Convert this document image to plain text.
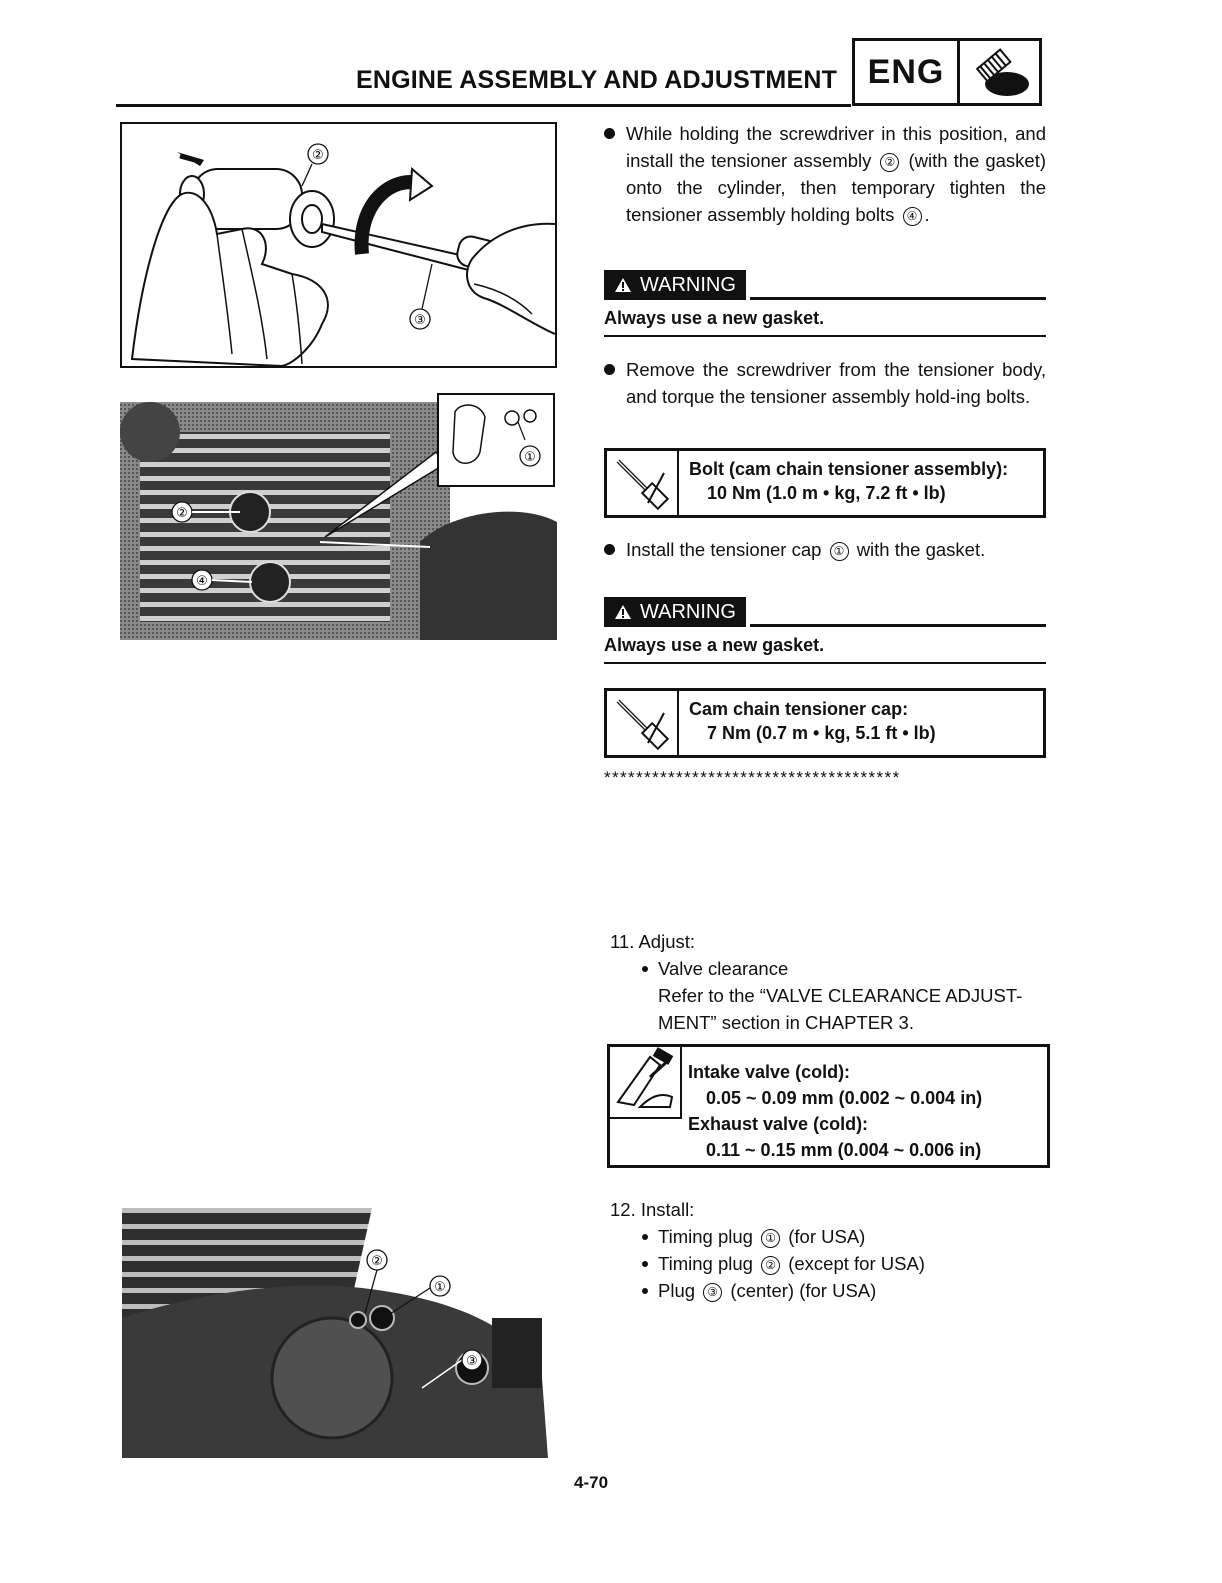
ENGINE ASSEMBLY AND ADJUSTMENT ENG
②
③
①
②
④
While holding the screwdriver in this position, and install the tensioner assembly ② (with the gasket) onto the cylinder, then temporary tighten the tensioner assembly holding bolts ④ .
WARNING
Always use a new gasket.
Remove the screwdriver from the tensioner body, and torque the tensioner assembly hold-ing bolts.
Bolt (cam chain tensioner assembly):
10 Nm (1.0 m • kg, 7.2 ft • lb)
Install the tensioner cap ① with the gasket.
WARNING
Always use a new gasket.
Cam chain tensioner cap:
7 Nm (0.7 m • kg, 5.1 ft • lb)
*************************************
11. Adjust:
Valve clearance
Refer to the “VALVE CLEARANCE ADJUST-
MENT” section in CHAPTER 3.
Intake valve (cold):
0.05 ~ 0.09 mm (0.002 ~ 0.004 in)
Exhaust valve (cold):
0.11 ~ 0.15 mm (0.004 ~ 0.006 in)
12. Install:
Timing plug ① (for USA)
Timing plug ② (except for USA)
Plug ③ (center) (for USA)
②
①
③
4-70
